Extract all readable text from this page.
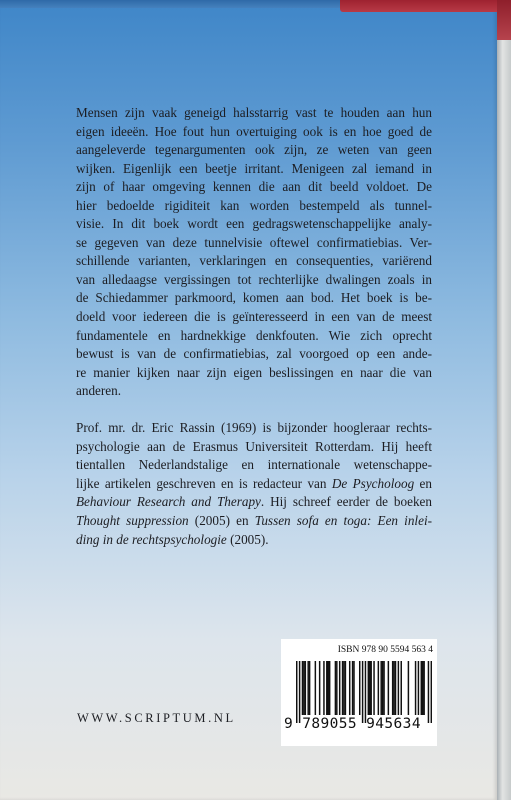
Mensen zijn vaak geneigd halsstarrig vast te houden aan hun
eigen ideeën. Hoe fout hun overtuiging ook is en hoe goed de
aangeleverde tegenargumenten ook zijn, ze weten van geen
wijken. Eigenlijk een beetje irritant. Menigeen zal iemand in
zijn of haar omgeving kennen die aan dit beeld voldoet. De
hier bedoelde rigiditeit kan worden bestempeld als tunnel-
visie. In dit boek wordt een gedragswetenschappelijke analy-
se gegeven van deze tunnelvisie oftewel confirmatiebias. Ver-
schillende varianten, verklaringen en consequenties, variërend
van alledaagse vergissingen tot rechterlijke dwalingen zoals in
de Schiedammer parkmoord, komen aan bod. Het boek is be-
doeld voor iedereen die is geïnteresseerd in een van de meest
fundamentele en hardnekkige denkfouten. Wie zich oprecht
bewust is van de confirmatiebias, zal voorgoed op een ande-
re manier kijken naar zijn eigen beslissingen en naar die van
anderen.

Prof. mr. dr. Eric Rassin (1969) is bijzonder hoogleraar rechts-
psychologie aan de Erasmus Universiteit Rotterdam. Hij heeft
tientallen Nederlandstalige en internationale wetenschappe-
lijke artikelen geschreven en is redacteur van De Psycholoog en
Behaviour Research and Therapy. Hij schreef eerder de boeken
Thought suppression (2005) en Tussen sofa en toga: Een inlei-
ding in de rechtspsychologie (2005).

ISBN 978 90 5594 563 4
9 789055 945634
WWW.SCRIPTUM.NL
